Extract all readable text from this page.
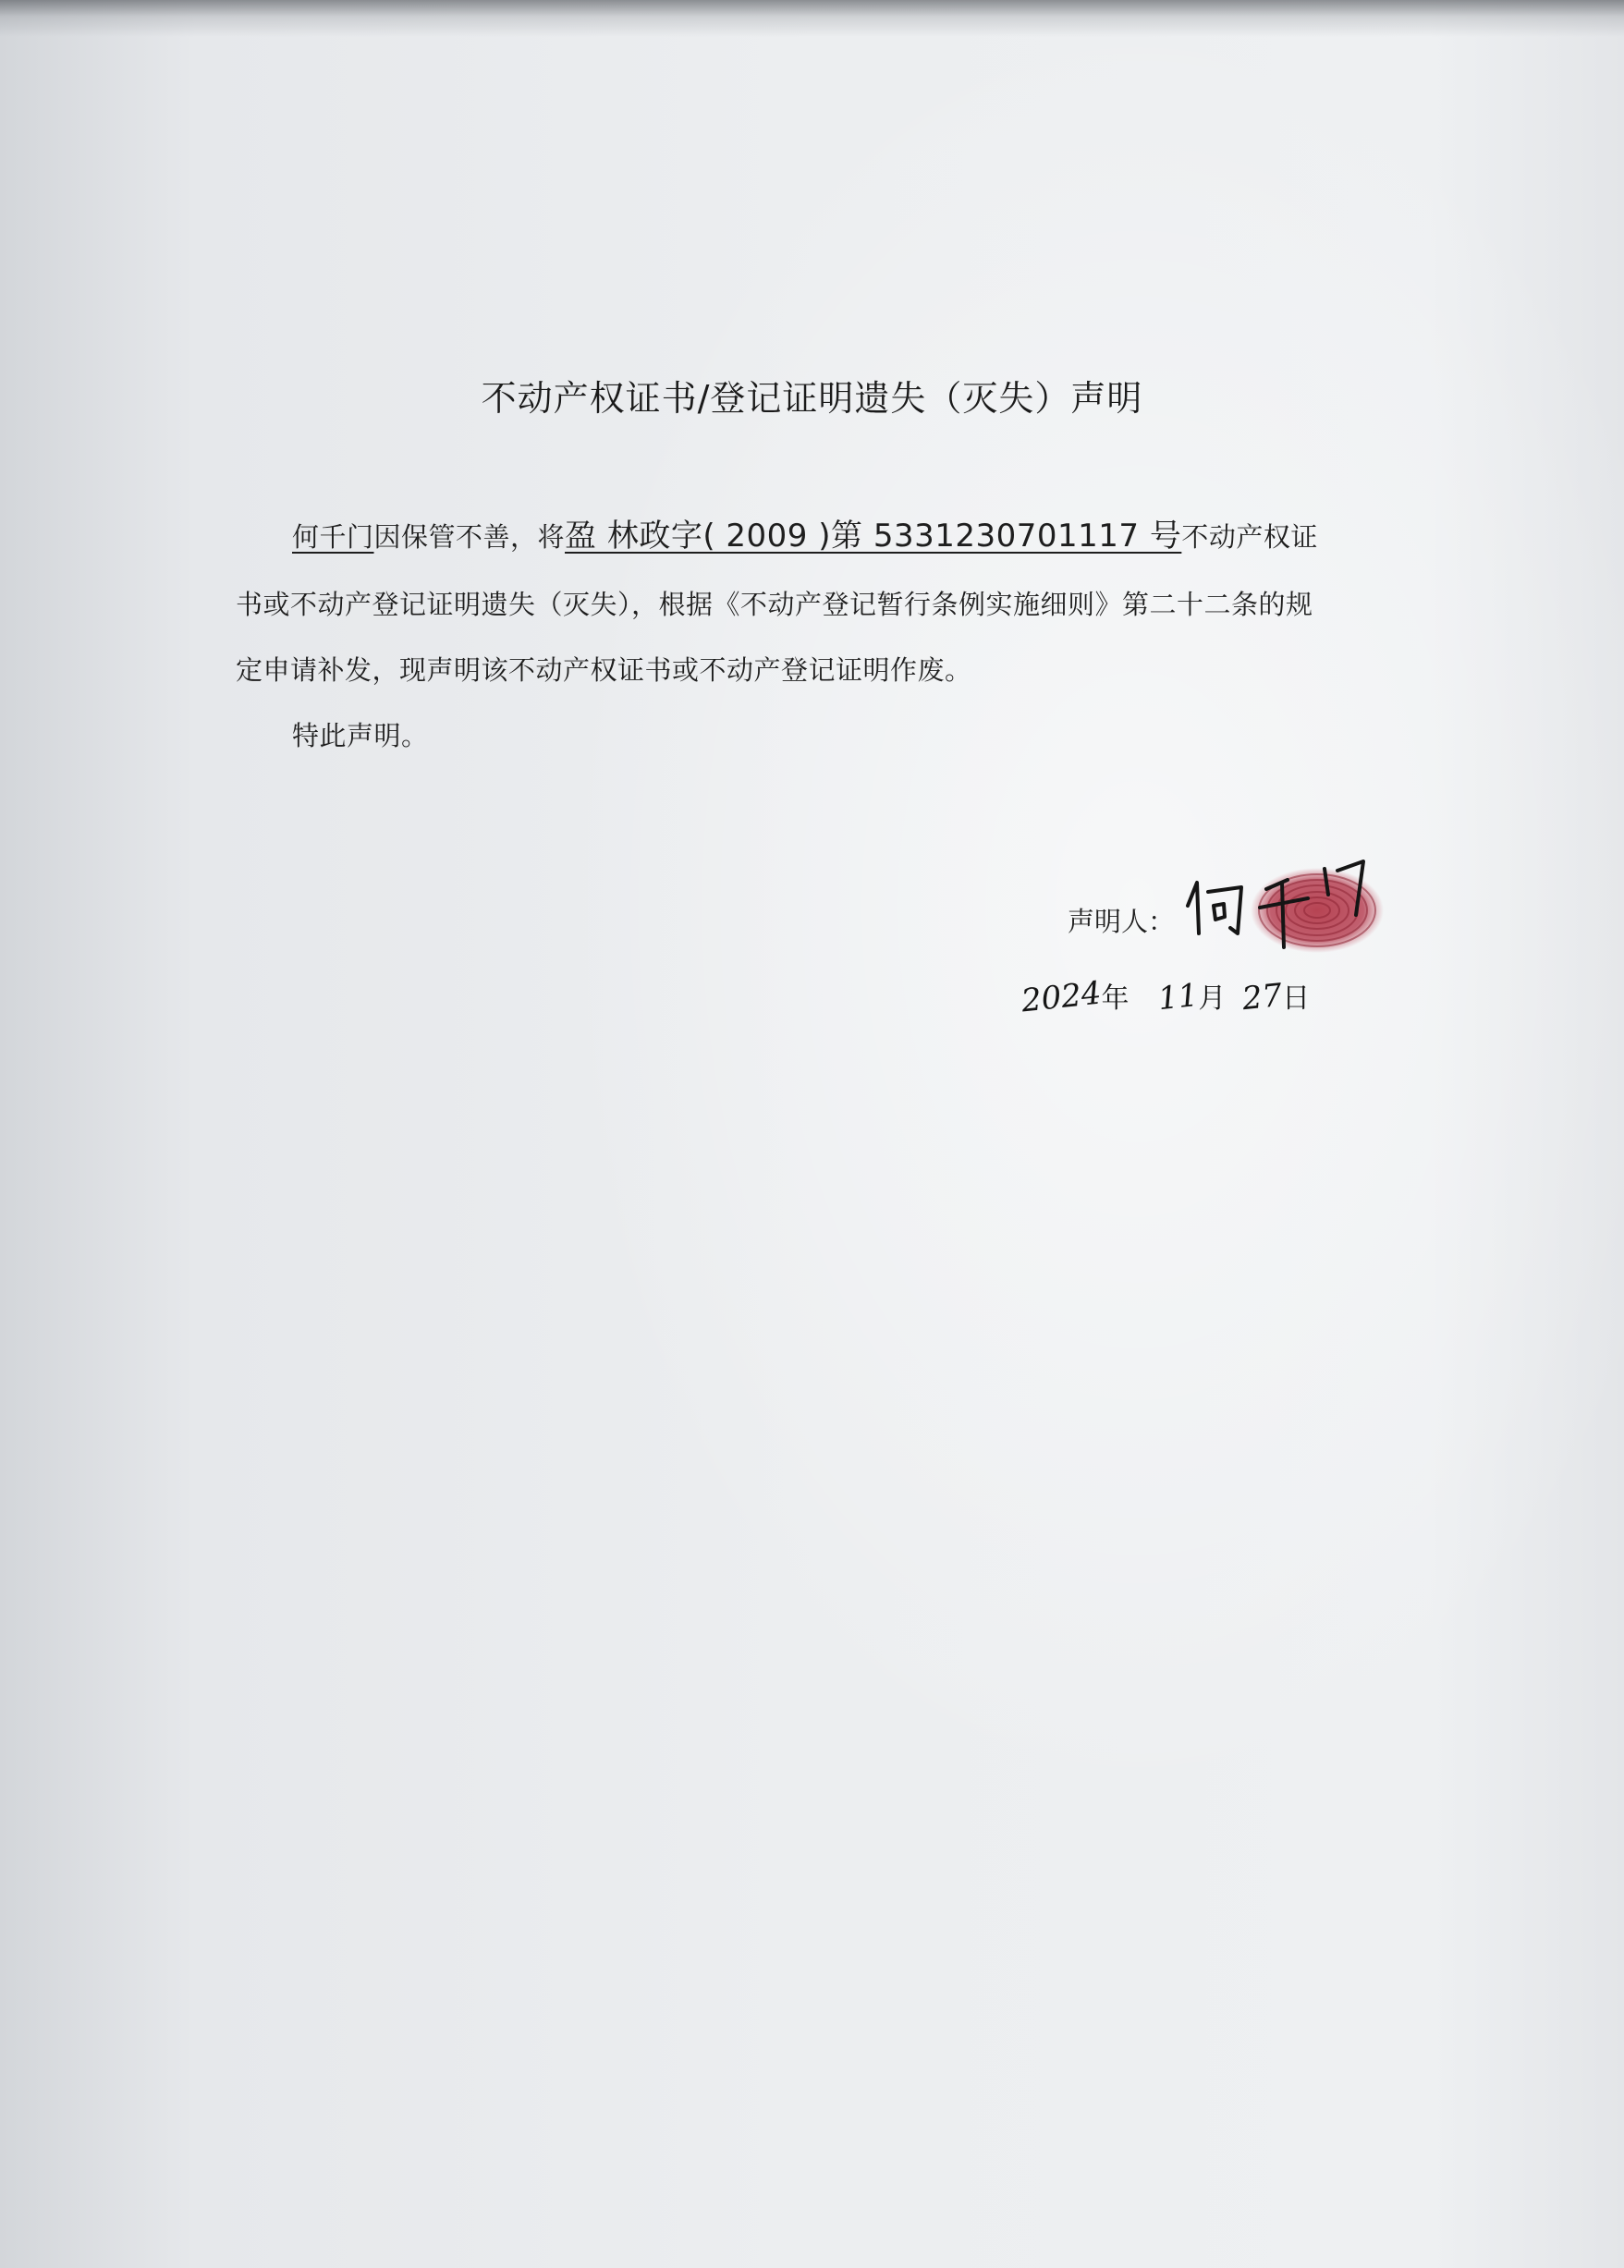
不动产权证书/登记证明遗失（灭失）声明
何千门因保管不善，将盈 林政字( 2009 )第 5331230701117 号不动产权证
书或不动产登记证明遗失（灭失），根据《不动产登记暂行条例实施细则》第二十二条的规
定申请补发，现声明该不动产权证书或不动产登记证明作废。
特此声明。
声明人：
2024年 11月 27日
